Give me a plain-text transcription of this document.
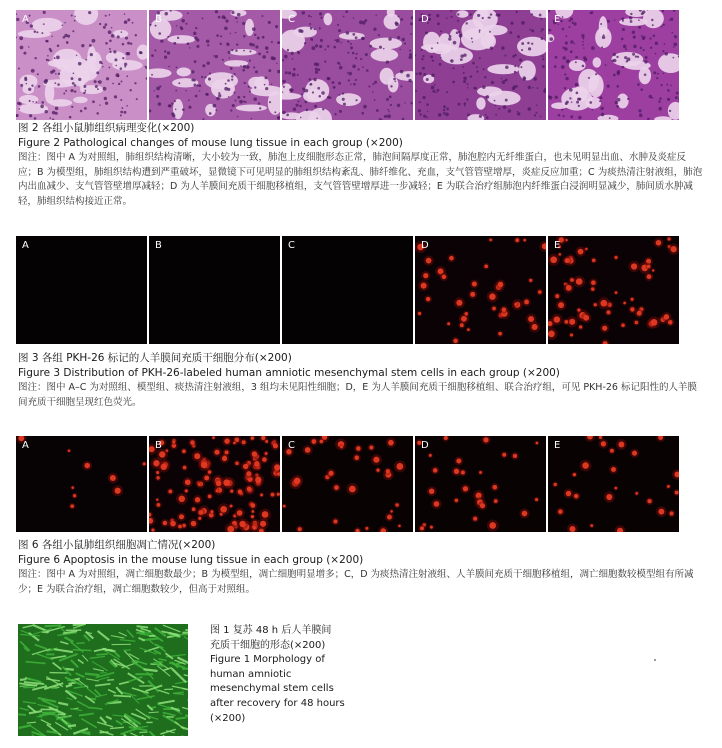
A	B	C	D	E

图 2 各组小鼠肺组织病理变化(×200)

Figure 2 Pathological changes of mouse lung tissue in each group (×200)

图注：图中 A 为对照组，肺组织结构清晰，大小较为一致，肺泡上皮细胞形态正常，肺泡间隔厚度正常，肺泡腔内无纤维蛋白，也未见明显出血、水肿及炎症反应；B 为模型组，肺组织结构遭到严重破坏，显微镜下可见明显的肺组织结构紊乱、肺纤维化、充血，支气管管壁增厚，炎症反应加重；C 为痰热清注射液组，肺泡内出血减少、支气管管壁增厚减轻；D 为人羊膜间充质干细胞移植组，支气管管壁增厚进一步减轻；E 为联合治疗组肺泡内纤维蛋白浸润明显减少，肺间质水肿减轻，肺组织结构接近正常。

A	B	C	D	E

图 3 各组 PKH-26 标记的人羊膜间充质干细胞分布(×200)

Figure 3 Distribution of PKH-26-labeled human amniotic mesenchymal stem cells in each group (×200)

图注：图中 A–C 为对照组、模型组、痰热清注射液组，3 组均未见阳性细胞；D，E 为人羊膜间充质干细胞移植组、联合治疗组，可见 PKH-26 标记阳性的人羊膜间充质干细胞呈现红色荧光。

A	B	C	D	E

图 6 各组小鼠肺组织细胞凋亡情况(×200)

Figure 6 Apoptosis in the mouse lung tissue in each group (×200)

图注：图中 A 为对照组，凋亡细胞数最少；B 为模型组，凋亡细胞明显增多；C，D 为痰热清注射液组、人羊膜间充质干细胞移植组，凋亡细胞数较模型组有所减少；E 为联合治疗组，凋亡细胞数较少，但高于对照组。

图 1 复苏 48 h 后人羊膜间
充质干细胞的形态(×200)
Figure 1 Morphology of
human amniotic
mesenchymal stem cells
after recovery for 48 hours
(×200)
